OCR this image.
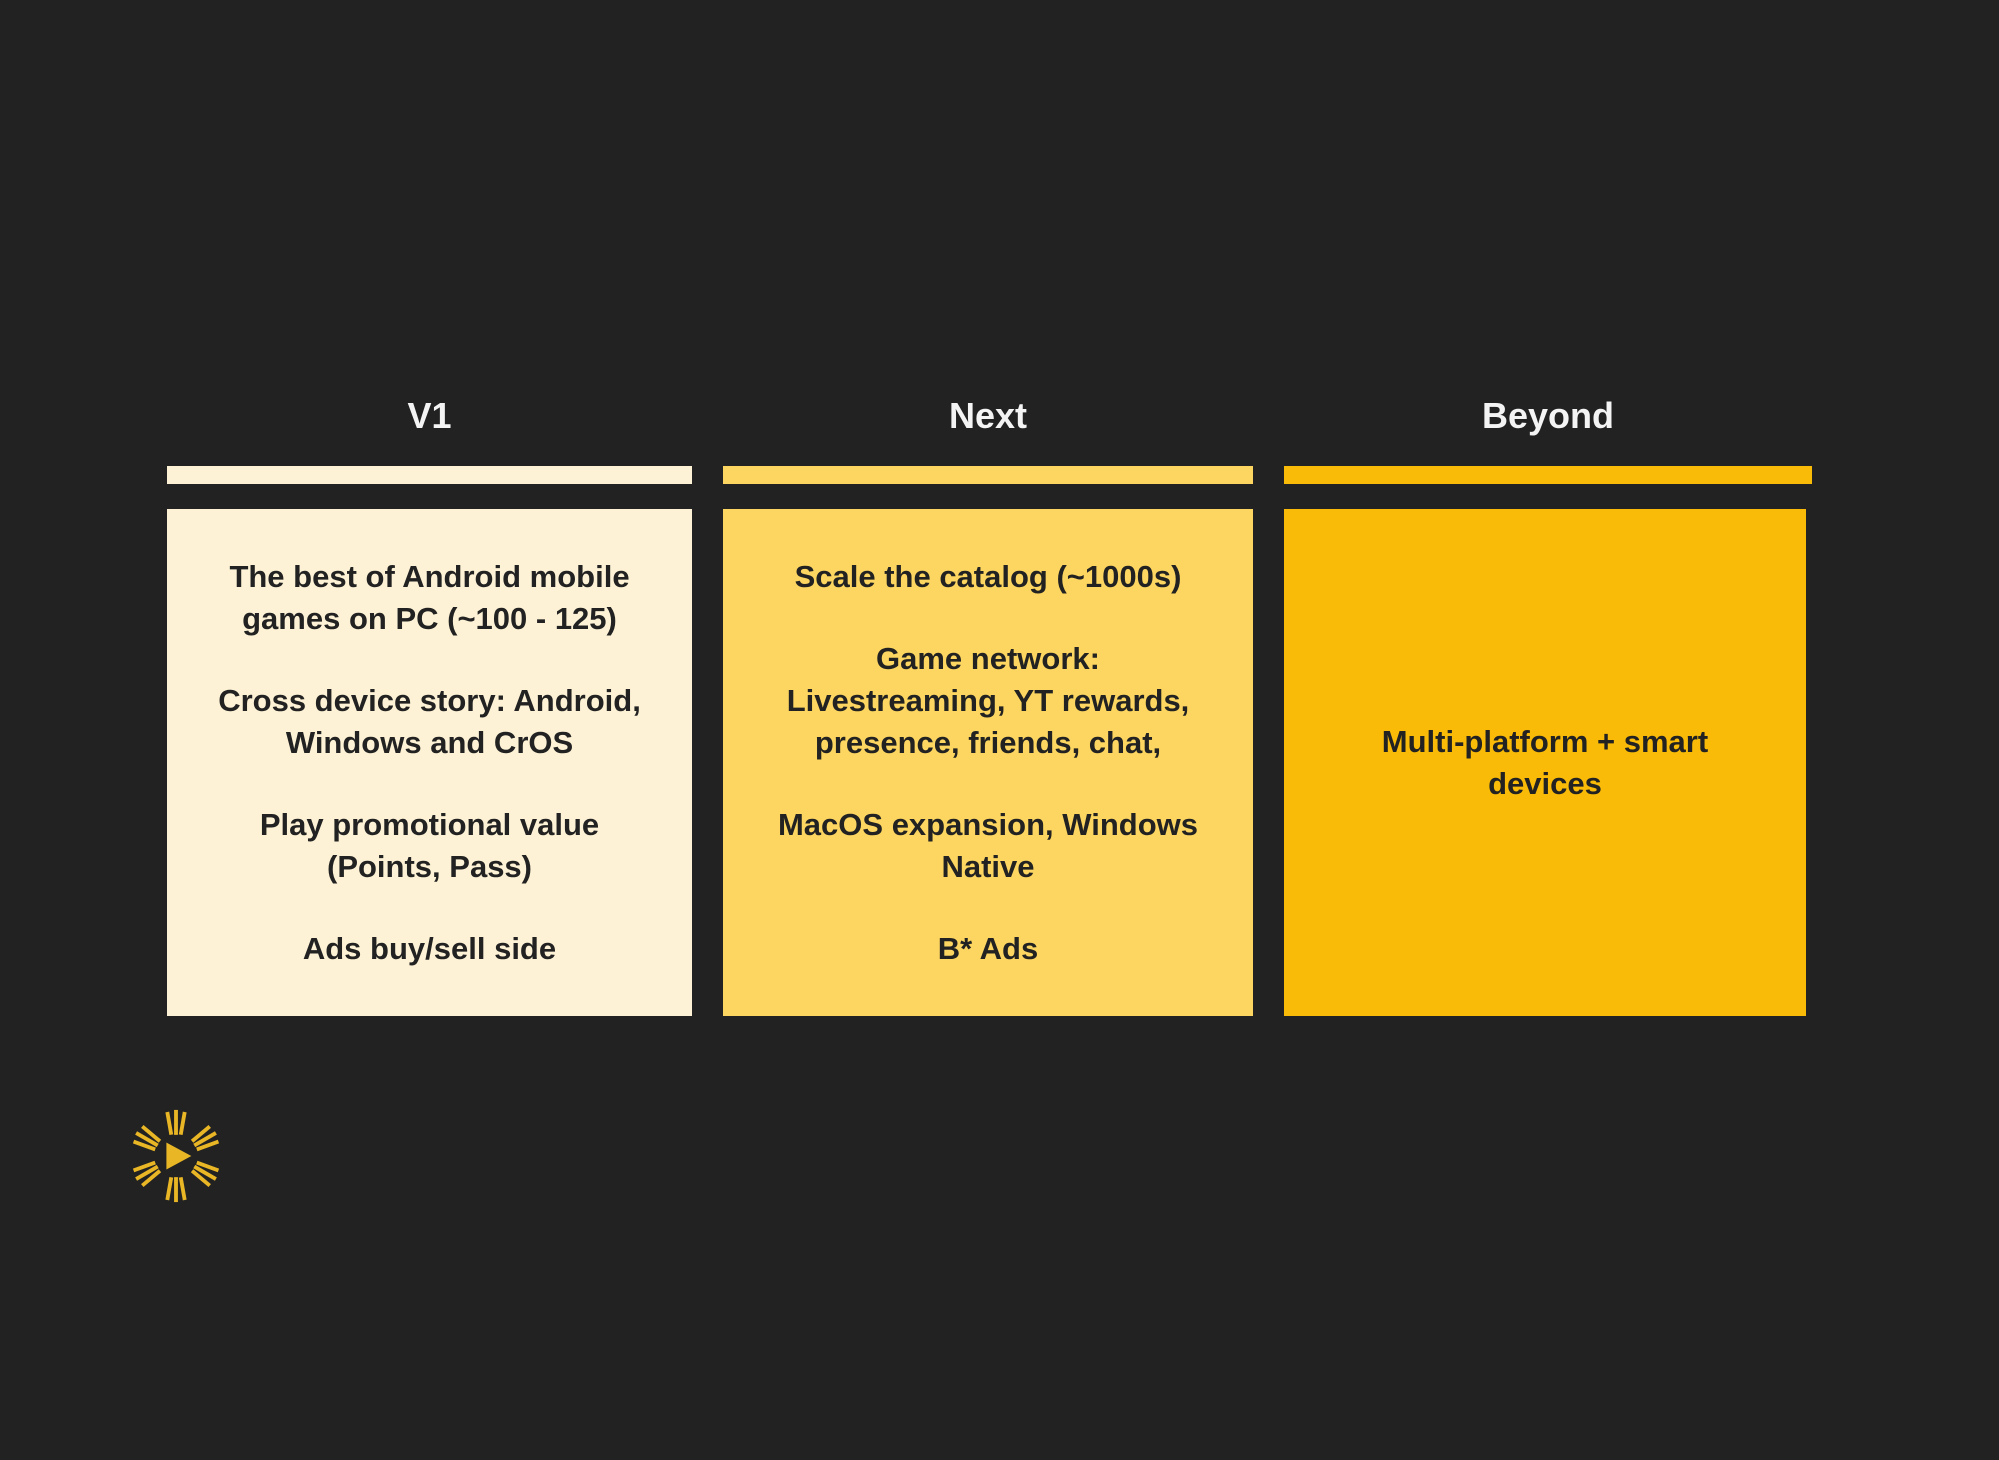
V1
The best of Android mobile
games on PC (~100 - 125)
Cross device story: Android,
Windows and CrOS
Play promotional value
(Points, Pass)
Ads buy/sell side
Next
Scale the catalog (~1000s)
Game network:
Livestreaming, YT rewards,
presence, friends, chat,
MacOS expansion, Windows
Native
B* Ads
Beyond
Multi-platform + smart
devices
